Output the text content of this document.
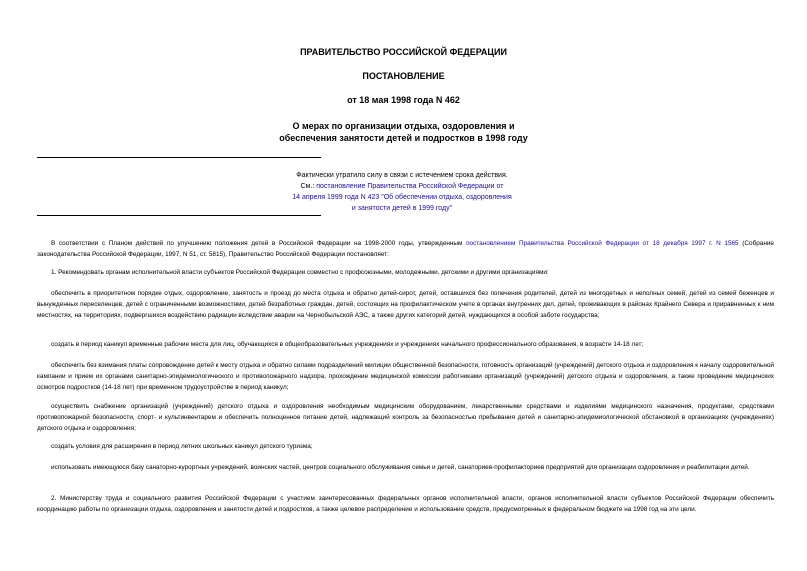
ПРАВИТЕЛЬСТВО РОССИЙСКОЙ ФЕДЕРАЦИИ
ПОСТАНОВЛЕНИЕ
от 18 мая 1998 года N 462
О мерах по организации отдыха, оздоровления и
обеспечения занятости детей и подростков в 1998 году
Фактически утратило силу в связи с истечением срока действия.
См.: постановление Правительства Российской Федерации от
14 апреля 1999 года N 423 "Об обеспечении отдыха, оздоровления
и занятости детей в 1999 году"
В соответствии с Планом действий по улучшению положения детей в Российской Федерации на 1998-2000 годы, утвержденным постановлением Правительства Российской Федерации от 18 декабря 1997 г. N 1565 (Собрание законодательства Российской Федерации, 1997, N 51, ст. 5815), Правительство Российской Федерации постановляет:
1. Рекомендовать органам исполнительной власти субъектов Российской Федерации совместно с профсоюзными, молодежными, детскими и другими организациями:
обеспечить в приоритетном порядке отдых, оздоровление, занятость и проезд до места отдыха и обратно детей-сирот, детей, оставшихся без попечения родителей, детей из многодетных и неполных семей, детей из семей беженцев и вынужденных переселенцев, детей с ограниченными возможностями, детей безработных граждан, детей, состоящих на профилактическом учете в органах внутренних дел, детей, проживающих в районах Крайнего Севера и приравненных к ним местностях, на территориях, подвергшихся воздействию радиации вследствие аварии на Чернобыльской АЭС, а также других категорий детей, нуждающихся в особой заботе государства;
создать в период каникул временные рабочие места для лиц, обучающихся в общеобразовательных учреждениях и учреждениях начального профессионального образования, в возрасте 14-18 лет;
обеспечить без взимания платы сопровождение детей к месту отдыха и обратно силами подразделений милиции общественной безопасности, готовность организаций (учреждений) детского отдыха и оздоровления к началу оздоровительной кампании и прием их органами санитарно-эпидемиологического и противопожарного надзора, прохождение медицинской комиссии работниками организаций (учреждений) детского отдыха и оздоровления, а также проведение медицинских осмотров подростков (14-18 лет) при временном трудоустройстве в период каникул;
осуществить снабжение организаций (учреждений) детского отдыха и оздоровления необходимым медицинским оборудованием, лекарственными средствами и изделиями медицинского назначения, продуктами, средствами противопожарной безопасности, спорт- и культинвентарем и обеспечить полноценное питание детей, надлежащий контроль за безопасностью пребывания детей и санитарно-эпидемиологической обстановкой в организациях (учреждениях) детского отдыха и оздоровления;
создать условия для расширения в период летних школьных каникул детского туризма;
использовать имеющуюся базу санаторно-курортных учреждений, воинских частей, центров социального обслуживания семьи и детей, санаториев-профилакториев предприятий для организации оздоровления и реабилитации детей.
2. Министерству труда и социального развития Российской Федерации с участием заинтересованных федеральных органов исполнительной власти, органов исполнительной власти субъектов Российской Федерации обеспечить координацию работы по организации отдыха, оздоровления и занятости детей и подростков, а также целевое распределение и использование средств, предусмотренных в федеральном бюджете на 1998 год на эти цели.
